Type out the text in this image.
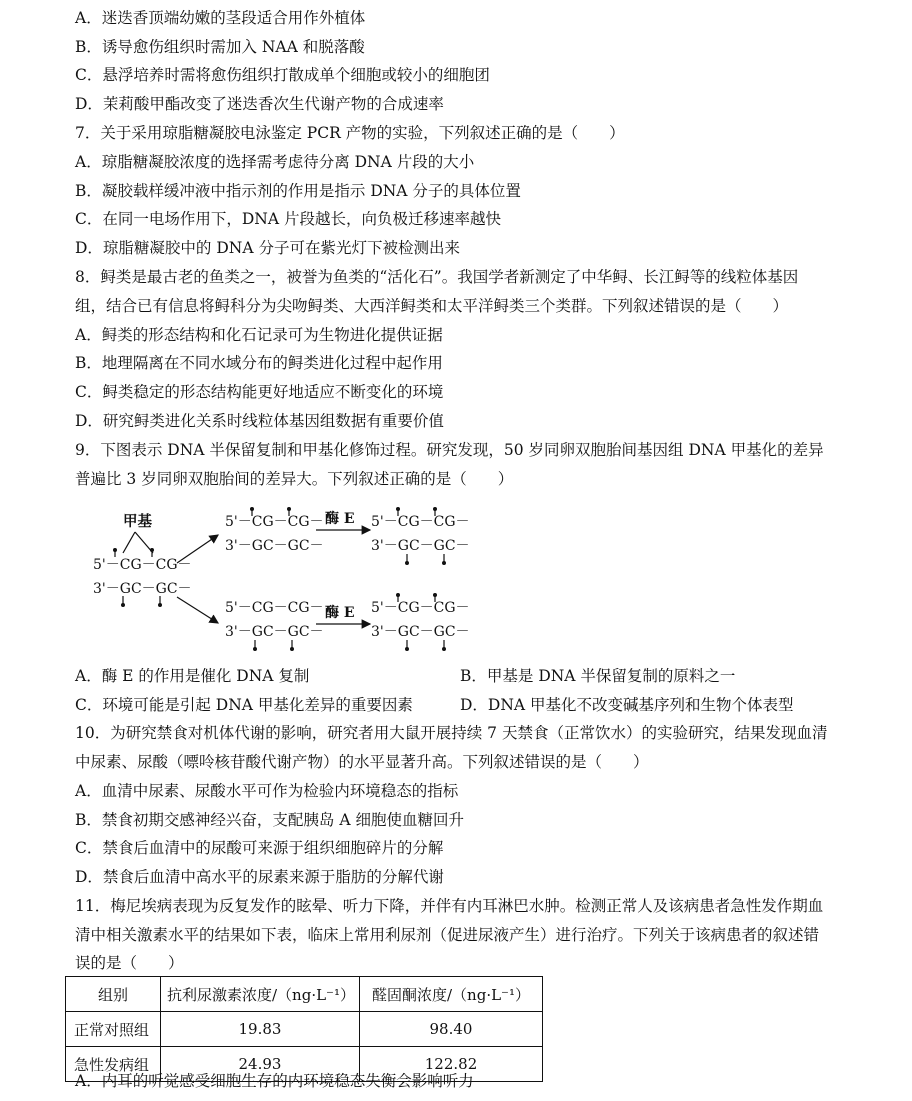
A．迷迭香顶端幼嫩的茎段适合用作外植体
B．诱导愈伤组织时需加入 NAA 和脱落酸
C．悬浮培养时需将愈伤组织打散成单个细胞或较小的细胞团
D．茉莉酸甲酯改变了迷迭香次生代谢产物的合成速率
7．关于采用琼脂糖凝胶电泳鉴定 PCR 产物的实验，下列叙述正确的是（　　）
A．琼脂糖凝胶浓度的选择需考虑待分离 DNA 片段的大小
B．凝胶载样缓冲液中指示剂的作用是指示 DNA 分子的具体位置
C．在同一电场作用下，DNA 片段越长，向负极迁移速率越快
D．琼脂糖凝胶中的 DNA 分子可在紫光灯下被检测出来
8．鲟类是最古老的鱼类之一，被誉为鱼类的“活化石”。我国学者新测定了中华鲟、长江鲟等的线粒体基因
组，结合已有信息将鲟科分为尖吻鲟类、大西洋鲟类和太平洋鲟类三个类群。下列叙述错误的是（　　）
A．鲟类的形态结构和化石记录可为生物进化提供证据
B．地理隔离在不同水域分布的鲟类进化过程中起作用
C．鲟类稳定的形态结构能更好地适应不断变化的环境
D．研究鲟类进化关系时线粒体基因组数据有重要价值
9．下图表示 DNA 半保留复制和甲基化修饰过程。研究发现，50 岁同卵双胞胎间基因组 DNA 甲基化的差异
普遍比 3 岁同卵双胞胎间的差异大。下列叙述正确的是（　　）
甲基
5'－CG－CG－
3'－GC－GC－
5'－CG－CG－
3'－GC－GC－
酶 E 5'－CG－CG－
3'－GC－GC－
5'－CG－CG－
3'－GC－GC－
酶 E 5'－CG－CG－
3'－GC－GC－
A．酶 E 的作用是催化 DNA 复制	B．甲基是 DNA 半保留复制的原料之一
C．环境可能是引起 DNA 甲基化差异的重要因素	D．DNA 甲基化不改变碱基序列和生物个体表型
10．为研究禁食对机体代谢的影响，研究者用大鼠开展持续 7 天禁食（正常饮水）的实验研究，结果发现血清
中尿素、尿酸（嘌呤核苷酸代谢产物）的水平显著升高。下列叙述错误的是（　　）
A．血清中尿素、尿酸水平可作为检验内环境稳态的指标
B．禁食初期交感神经兴奋，支配胰岛 A 细胞使血糖回升
C．禁食后血清中的尿酸可来源于组织细胞碎片的分解
D．禁食后血清中高水平的尿素来源于脂肪的分解代谢
11．梅尼埃病表现为反复发作的眩晕、听力下降，并伴有内耳淋巴水肿。检测正常人及该病患者急性发作期血
清中相关激素水平的结果如下表，临床上常用利尿剂（促进尿液产生）进行治疗。下列关于该病患者的叙述错
误的是（　　）
组别	抗利尿激素浓度/（ng·L⁻¹）	醛固酮浓度/（ng·L⁻¹）
正常对照组	19.83	98.40
急性发病组	24.93	122.82
A．内耳的听觉感受细胞生存的内环境稳态失衡会影响听力
